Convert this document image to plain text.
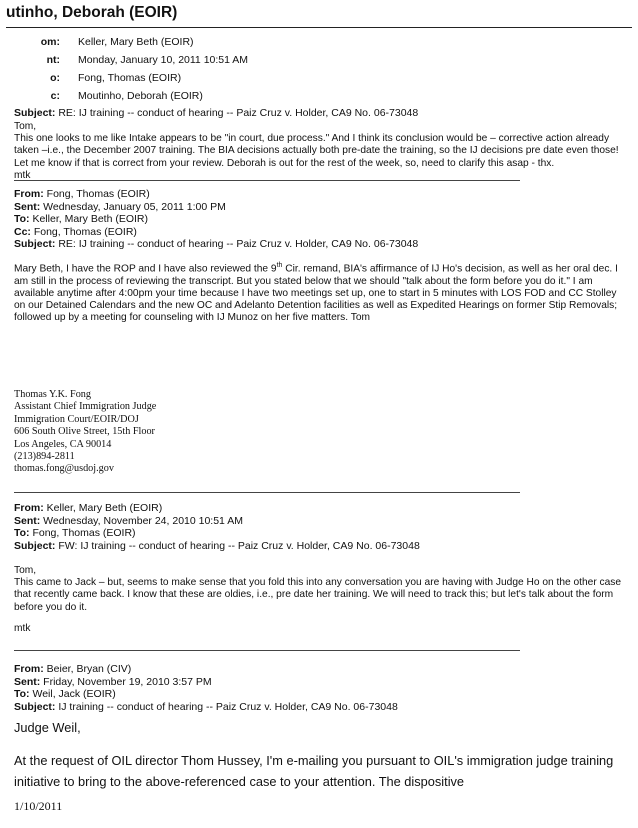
utinho, Deborah (EOIR)
om: Keller, Mary Beth (EOIR)
nt: Monday, January 10, 2011 10:51 AM
o: Fong, Thomas (EOIR)
c: Moutinho, Deborah (EOIR)
Subject: RE: IJ training -- conduct of hearing -- Paiz Cruz v. Holder, CA9 No. 06-73048

Tom,

This one looks to me like Intake appears to be "in court, due process." And I think its conclusion would be – corrective action already taken –i.e., the December 2007 training. The BIA decisions actually both pre-date the training, so the IJ decisions pre date even those! Let me know if that is correct from your review. Deborah is out for the rest of the week, so, need to clarify this asap - thx.

mtk

From: Fong, Thomas (EOIR)
Sent: Wednesday, January 05, 2011 1:00 PM
To: Keller, Mary Beth (EOIR)
Cc: Fong, Thomas (EOIR)
Subject: RE: IJ training -- conduct of hearing -- Paiz Cruz v. Holder, CA9 No. 06-73048

Mary Beth, I have the ROP and I have also reviewed the 9th Cir. remand, BIA's affirmance of IJ Ho's decision, as well as her oral dec. I am still in the process of reviewing the transcript. But you stated below that we should "talk about the form before you do it." I am available anytime after 4:00pm your time because I have two meetings set up, one to start in 5 minutes with LOS FOD and CC Stolley on our Detained Calendars and the new OC and Adelanto Detention facilities as well as Expedited Hearings on former Stip Removals; followed up by a meeting for counseling with IJ Munoz on her five matters. Tom

Thomas Y.K. Fong
Assistant Chief Immigration Judge
Immigration Court/EOIR/DOJ
606 South Olive Street, 15th Floor
Los Angeles, CA 90014
(213)894-2811
thomas.fong@usdoj.gov
From: Keller, Mary Beth (EOIR)
Sent: Wednesday, November 24, 2010 10:51 AM
To: Fong, Thomas (EOIR)
Subject: FW: IJ training -- conduct of hearing -- Paiz Cruz v. Holder, CA9 No. 06-73048

Tom,

This came to Jack – but, seems to make sense that you fold this into any conversation you are having with Judge Ho on the other case that recently came back. I know that these are oldies, i.e., pre date her training. We will need to track this; but let's talk about the form before you do it.

mtk

From: Beier, Bryan (CIV)
Sent: Friday, November 19, 2010 3:57 PM
To: Weil, Jack (EOIR)
Subject: IJ training -- conduct of hearing -- Paiz Cruz v. Holder, CA9 No. 06-73048

Judge Weil,

At the request of OIL director Thom Hussey, I'm e-mailing you pursuant to OIL's immigration judge training initiative to bring to the above-referenced case to your attention. The dispositive

1/10/2011
